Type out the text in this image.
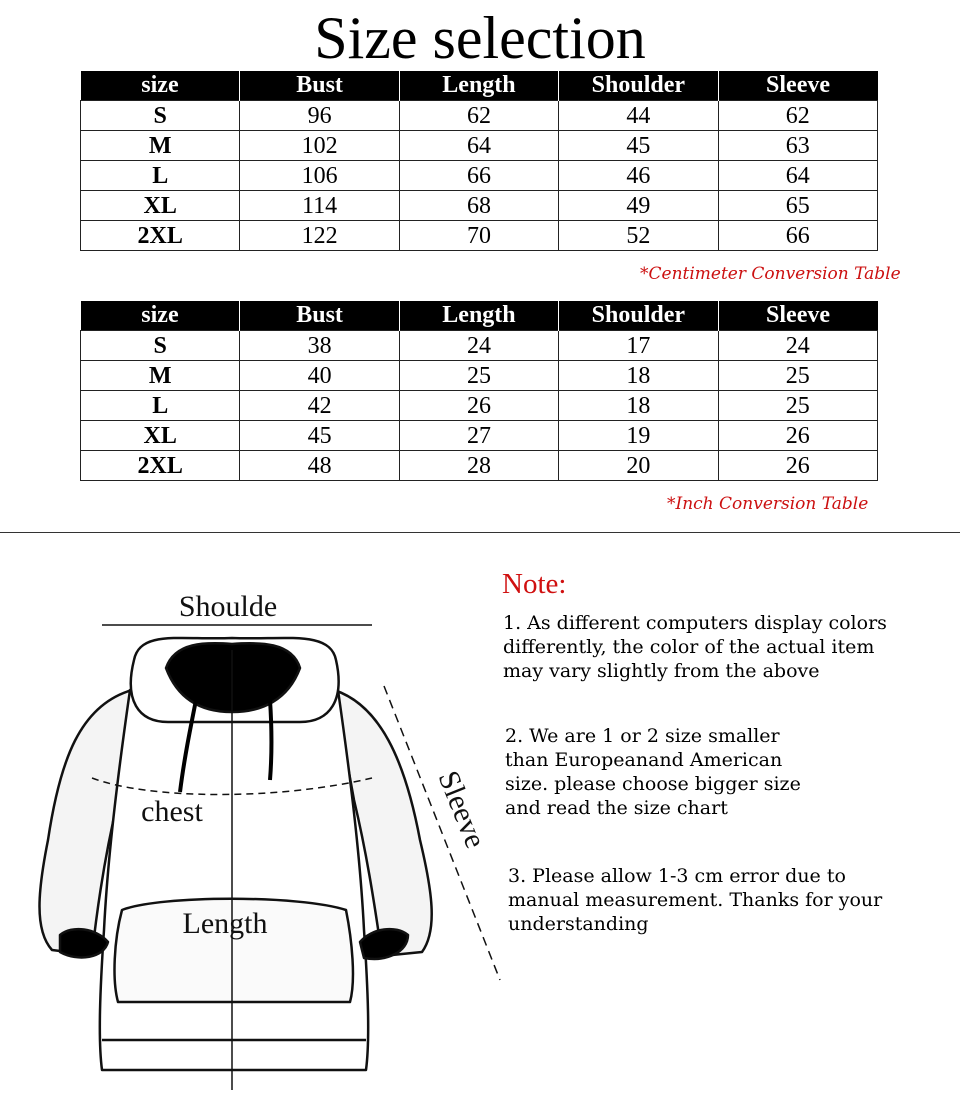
Size selection
size	Bust	Length	Shoulder	Sleeve
S	96	62	44	62
M	102	64	45	63
L	106	66	46	64
XL	114	68	49	65
2XL	122	70	52	66
*Centimeter Conversion Table
size	Bust	Length	Shoulder	Sleeve
S	38	24	17	24
M	40	25	18	25
L	42	26	18	25
XL	45	27	19	26
2XL	48	28	20	26
*Inch Conversion Table
Shoulde
chest
Length
Sleeve
Note:

1. As different computers display colors
differently, the color of the actual item
may vary slightly from the above

2. We are 1 or 2 size smaller
than Europeanand American
size. please choose bigger size
and read the size chart

3. Please allow 1-3 cm error due to
manual measurement. Thanks for your
understanding
